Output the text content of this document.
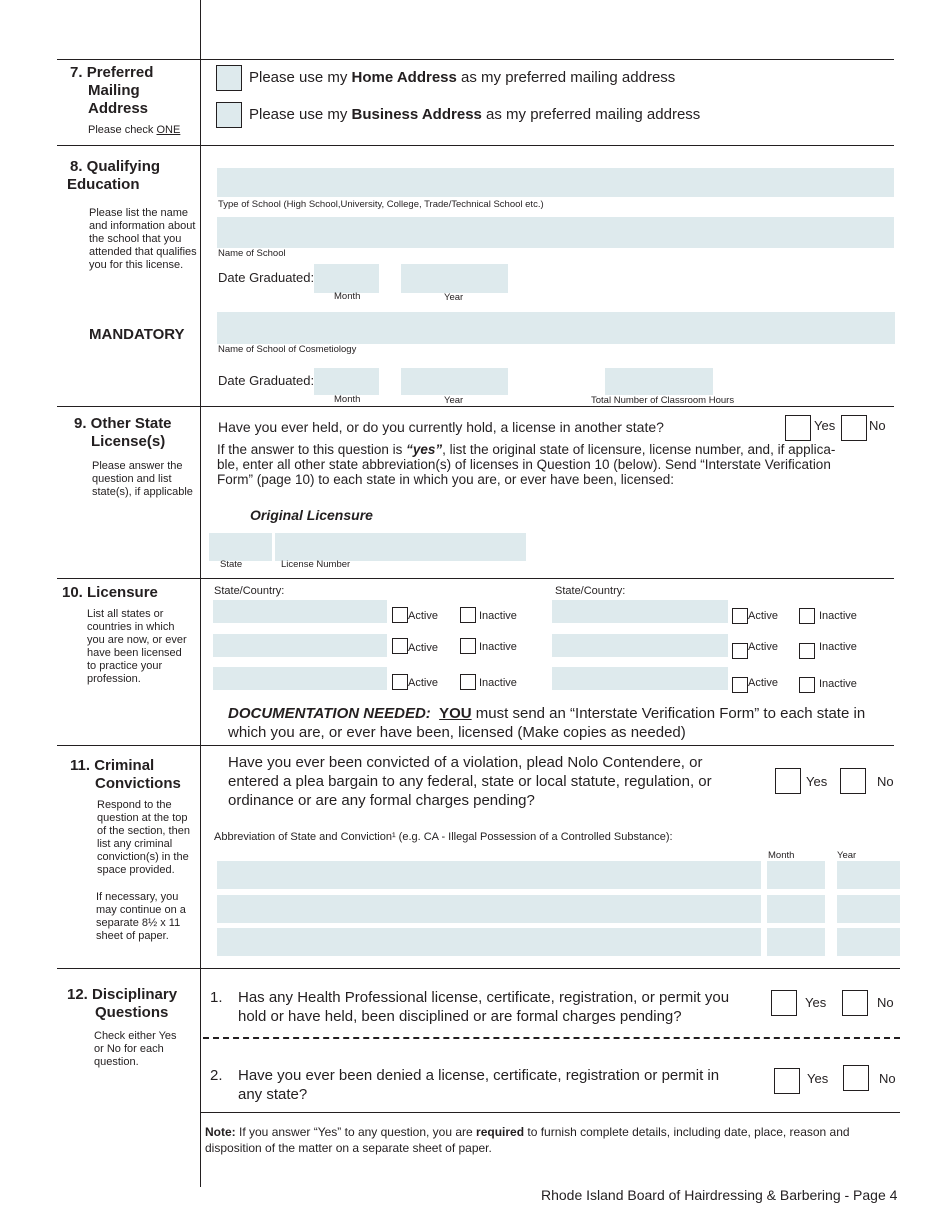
7. Preferred
Mailing
Address
Please check ONE
Please use my Home Address as my preferred mailing address
Please use my Business Address as my preferred mailing address
8. Qualifying
Education
Please list the name
and information about
the school that you
attended that qualifies
you for this license.
MANDATORY
Type of School (High School,University, College, Trade/Technical School etc.)
Name of School
Date Graduated:
Month	Year
Name of School of Cosmetiology
Date Graduated:
Month	Year	Total Number of Classroom Hours
9. Other State
License(s)
Please answer the
question and list
state(s), if applicable
Have you ever held, or do you currently hold, a license in another state?	Yes	No
If the answer to this question is “yes”, list the original state of licensure, license number, and, if applica-
ble, enter all other state abbreviation(s) of licenses in Question 10 (below). Send “Interstate Verification
Form” (page 10) to each state in which you are, or ever have been, licensed:
Original Licensure
State	License Number
10. Licensure
List all states or
countries in which
you are now, or ever
have been licensed
to practice your
profession.
State/Country:	State/Country:
Active	Inactive	Active	Inactive
Active	Inactive	Active	Inactive
Active	Inactive	Active	Inactive
DOCUMENTATION NEEDED: YOU must send an “Interstate Verification Form” to each state in
which you are, or ever have been, licensed (Make copies as needed)
11. Criminal
Convictions
Respond to the
question at the top
of the section, then
list any criminal
conviction(s) in the
space provided.
If necessary, you
may continue on a
separate 8½ x 11
sheet of paper.
Have you ever been convicted of a violation, plead Nolo Contendere, or
entered a plea bargain to any federal, state or local statute, regulation, or
ordinance or are any formal charges pending?
Yes	No
Abbreviation of State and Conviction¹ (e.g. CA - Illegal Possession of a Controlled Substance):
Month	Year
12. Disciplinary
Questions
Check either Yes
or No for each
question.
1. Has any Health Professional license, certificate, registration, or permit you
hold or have held, been disciplined or are formal charges pending?
Yes	No
2. Have you ever been denied a license, certificate, registration or permit in
any state?
Yes	No
Note: If you answer “Yes” to any question, you are required to furnish complete details, including date, place, reason and
disposition of the matter on a separate sheet of paper.
Rhode Island Board of Hairdressing & Barbering - Page 4
